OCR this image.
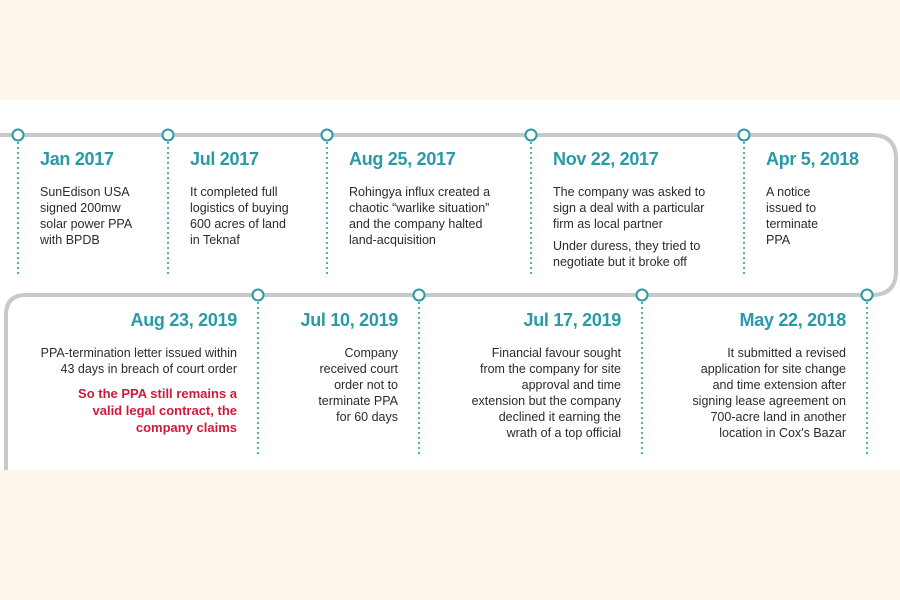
Jan 2017

SunEdison USA
signed 200mw
solar power PPA
with BPDB

Jul 2017

It completed full
logistics of buying
600 acres of land
in Teknaf

Aug 25, 2017

Rohingya influx created a
chaotic “warlike situation”
and the company halted
land-acquisition

Nov 22, 2017

The company was asked to
sign a deal with a particular
firm as local partner

Under duress, they tried to
negotiate but it broke off

Apr 5, 2018

A notice
issued to
terminate
PPA

Aug 23, 2019

PPA-termination letter issued within
43 days in breach of court order

So the PPA still remains a
valid legal contract, the
company claims

Jul 10, 2019

Company
received court
order not to
terminate PPA
for 60 days

Jul 17, 2019

Financial favour sought
from the company for site
approval and time
extension but the company
declined it earning the
wrath of a top official

May 22, 2018

It submitted a revised
application for site change
and time extension after
signing lease agreement on
700-acre land in another
location in Cox's Bazar
